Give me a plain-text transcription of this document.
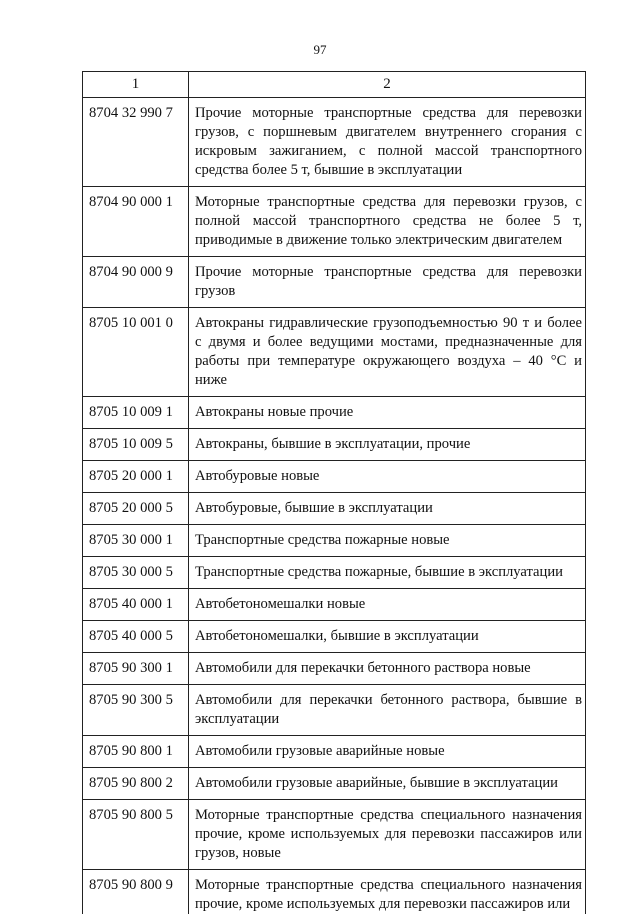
97
1	2
8704 32 990 7	Прочие моторные транспортные средства для перевозки грузов, с поршневым двигателем внутреннего сгорания с искровым зажиганием, с полной массой транспортного средства более 5 т, бывшие в эксплуатации
8704 90 000 1	Моторные транспортные средства для перевозки грузов, с полной массой транспортного средства не более 5 т, приводимые в движение только электрическим двигателем
8704 90 000 9	Прочие моторные транспортные средства для перевозки грузов
8705 10 001 0	Автокраны гидравлические грузоподъемностью 90 т и более с двумя и более ведущими мостами, предназначенные для работы при температуре окружающего воздуха – 40 °С и ниже
8705 10 009 1	Автокраны новые прочие
8705 10 009 5	Автокраны, бывшие в эксплуатации, прочие
8705 20 000 1	Автобуровые новые
8705 20 000 5	Автобуровые, бывшие в эксплуатации
8705 30 000 1	Транспортные средства пожарные новые
8705 30 000 5	Транспортные средства пожарные, бывшие в эксплуатации
8705 40 000 1	Автобетономешалки новые
8705 40 000 5	Автобетономешалки, бывшие в эксплуатации
8705 90 300 1	Автомобили для перекачки бетонного раствора новые
8705 90 300 5	Автомобили для перекачки бетонного раствора, бывшие в эксплуатации
8705 90 800 1	Автомобили грузовые аварийные новые
8705 90 800 2	Автомобили грузовые аварийные, бывшие в эксплуатации
8705 90 800 5	Моторные транспортные средства специального назначения прочие, кроме используемых для перевозки пассажиров или грузов, новые
8705 90 800 9	Моторные транспортные средства специального назначения прочие, кроме используемых для перевозки пассажиров или
